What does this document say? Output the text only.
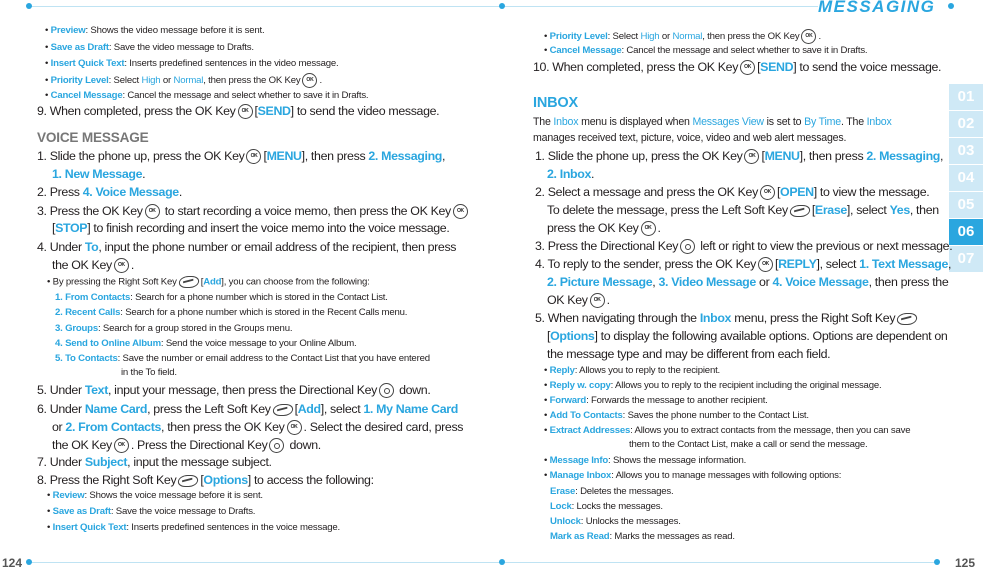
MESSAGING
124	125
01
02
03
04
05
06
07
• Preview: Shows the video message before it is sent.
• Save as Draft: Save the video message to Drafts.
• Insert Quick Text: Inserts predefined sentences in the video message.
• Priority Level: Select High or Normal, then press the OK Key OK .
• Cancel Message: Cancel the message and select whether to save it in Drafts.
9. When completed, press the OK Key OK [SEND] to send the video message.
VOICE MESSAGE
1. Slide the phone up, press the OK Key OK [MENU], then press 2. Messaging,
1. New Message.
2. Press 4. Voice Message.
3. Press the OK Key OK to start recording a voice memo, then press the OK Key OK
[STOP] to finish recording and insert the voice memo into the voice message.
4. Under To, input the phone number or email address of the recipient, then press
the OK Key OK .
• By pressing the Right Soft Key	[Add], you can choose from the following:
1. From Contacts: Search for a phone number which is stored in the Contact List.
2. Recent Calls: Search for a phone number which is stored in the Recent Calls menu.
3. Groups: Search for a group stored in the Groups menu.
4. Send to Online Album: Send the voice message to your Online Album.
5. To Contacts: Save the number or email address to the Contact List that you have entered
in the To field.
5. Under Text, input your message, then press the Directional Key down.
6. Under Name Card, press the Left Soft Key [Add], select 1. My Name Card
or 2. From Contacts, then press the OK Key OK . Select the desired card, press
the OK Key OK . Press the Directional Key down.
7. Under Subject, input the message subject.
8. Press the Right Soft Key [Options] to access the following:
• Review: Shows the voice message before it is sent.
• Save as Draft: Save the voice message to Drafts.
• Insert Quick Text: Inserts predefined sentences in the voice message.
• Priority Level: Select High or Normal, then press the OK Key OK .
• Cancel Message: Cancel the message and select whether to save it in Drafts.
10. When completed, press the OK Key OK [SEND] to send the voice message.
INBOX
The Inbox menu is displayed when Messages View is set to By Time. The Inbox
manages received text, picture, voice, video and web alert messages.
1. Slide the phone up, press the OK Key OK [MENU], then press 2. Messaging,
2. Inbox.
2. Select a message and press the OK Key OK [OPEN] to view the message.
To delete the message, press the Left Soft Key [Erase], select Yes, then
press the OK Key OK .
3. Press the Directional Key left or right to view the previous or next message.
4. To reply to the sender, press the OK Key OK [REPLY], select 1. Text Message,
2. Picture Message, 3. Video Message or 4. Voice Message, then press the
OK Key OK .
5. When navigating through the Inbox menu, press the Right Soft Key
[Options] to display the following available options. Options are dependent on
the message type and may be different from each field.
• Reply: Allows you to reply to the recipient.
• Reply w. copy: Allows you to reply to the recipient including the original message.
• Forward: Forwards the message to another recipient.
• Add To Contacts: Saves the phone number to the Contact List.
• Extract Addresses: Allows you to extract contacts from the message, then you can save
them to the Contact List, make a call or send the message.
• Message Info: Shows the message information.
• Manage Inbox: Allows you to manage messages with following options:
Erase: Deletes the messages.
Lock: Locks the messages.
Unlock: Unlocks the messages.
Mark as Read: Marks the messages as read.
